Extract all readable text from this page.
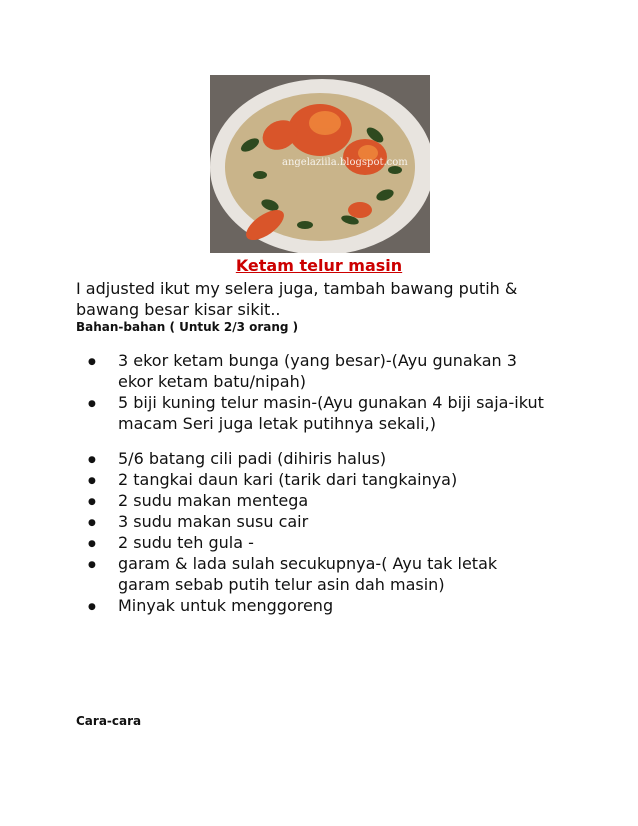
angelaziila.blogspot.com
Ketam telur masin
I adjusted ikut my selera juga, tambah bawang putih & bawang besar kisar sikit..
Bahan-bahan ( Untuk 2/3 orang )
● 3 ekor ketam bunga (yang besar)-(Ayu gunakan 3 ekor ketam batu/nipah)
● 5 biji kuning telur masin-(Ayu gunakan 4 biji saja-ikut macam Seri juga letak putihnya sekali,)
● 5/6 batang cili padi (dihiris halus)
● 2 tangkai daun kari (tarik dari tangkainya)
● 2 sudu makan mentega
● 3 sudu makan susu cair
● 2 sudu teh gula -
● garam & lada sulah secukupnya-( Ayu tak letak garam sebab putih telur asin dah masin)
● Minyak untuk menggoreng
Cara-cara
